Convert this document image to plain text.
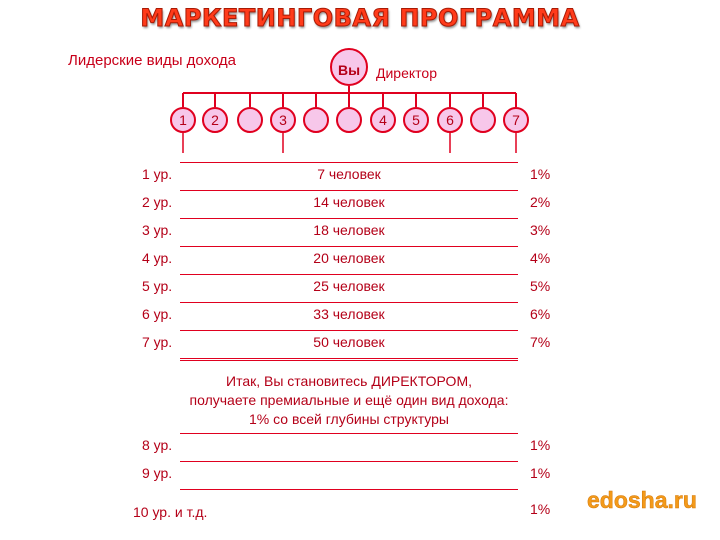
МАРКЕТИНГОВАЯ ПРОГРАММА
Лидерские виды дохода
Вы	Директор
1	2	3	4	5	6	7
1 ур.	7 человек	1%
2 ур.	14 человек	2%
3 ур.	18 человек	3%
4 ур.	20 человек	4%
5 ур.	25 человек	5%
6 ур.	33 человек	6%
7 ур.	50 человек	7%
Итак, Вы становитесь ДИРЕКТОРОМ,
получаете премиальные и ещё один вид дохода:
1% со всей глубины структуры
8 ур.	1%
9 ур.	1%
10 ур. и т.д.	1% edosha.ru
